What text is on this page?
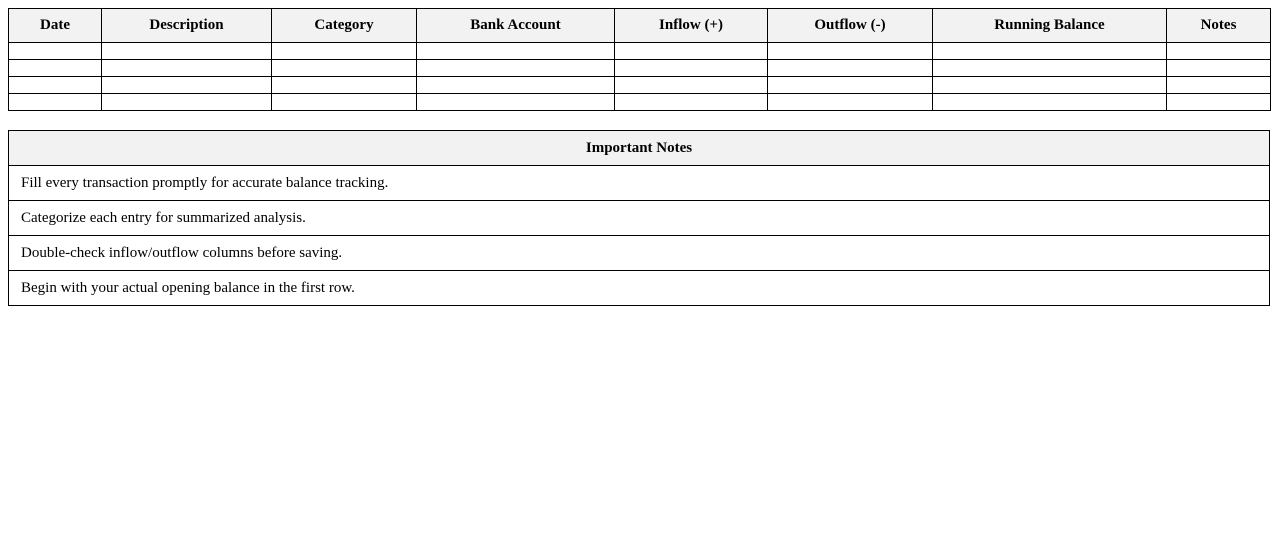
Date	Description	Category	Bank Account	Inflow (+)	Outflow (-)	Running Balance	Notes

Important Notes
Fill every transaction promptly for accurate balance tracking.
Categorize each entry for summarized analysis.
Double-check inflow/outflow columns before saving.
Begin with your actual opening balance in the first row.
